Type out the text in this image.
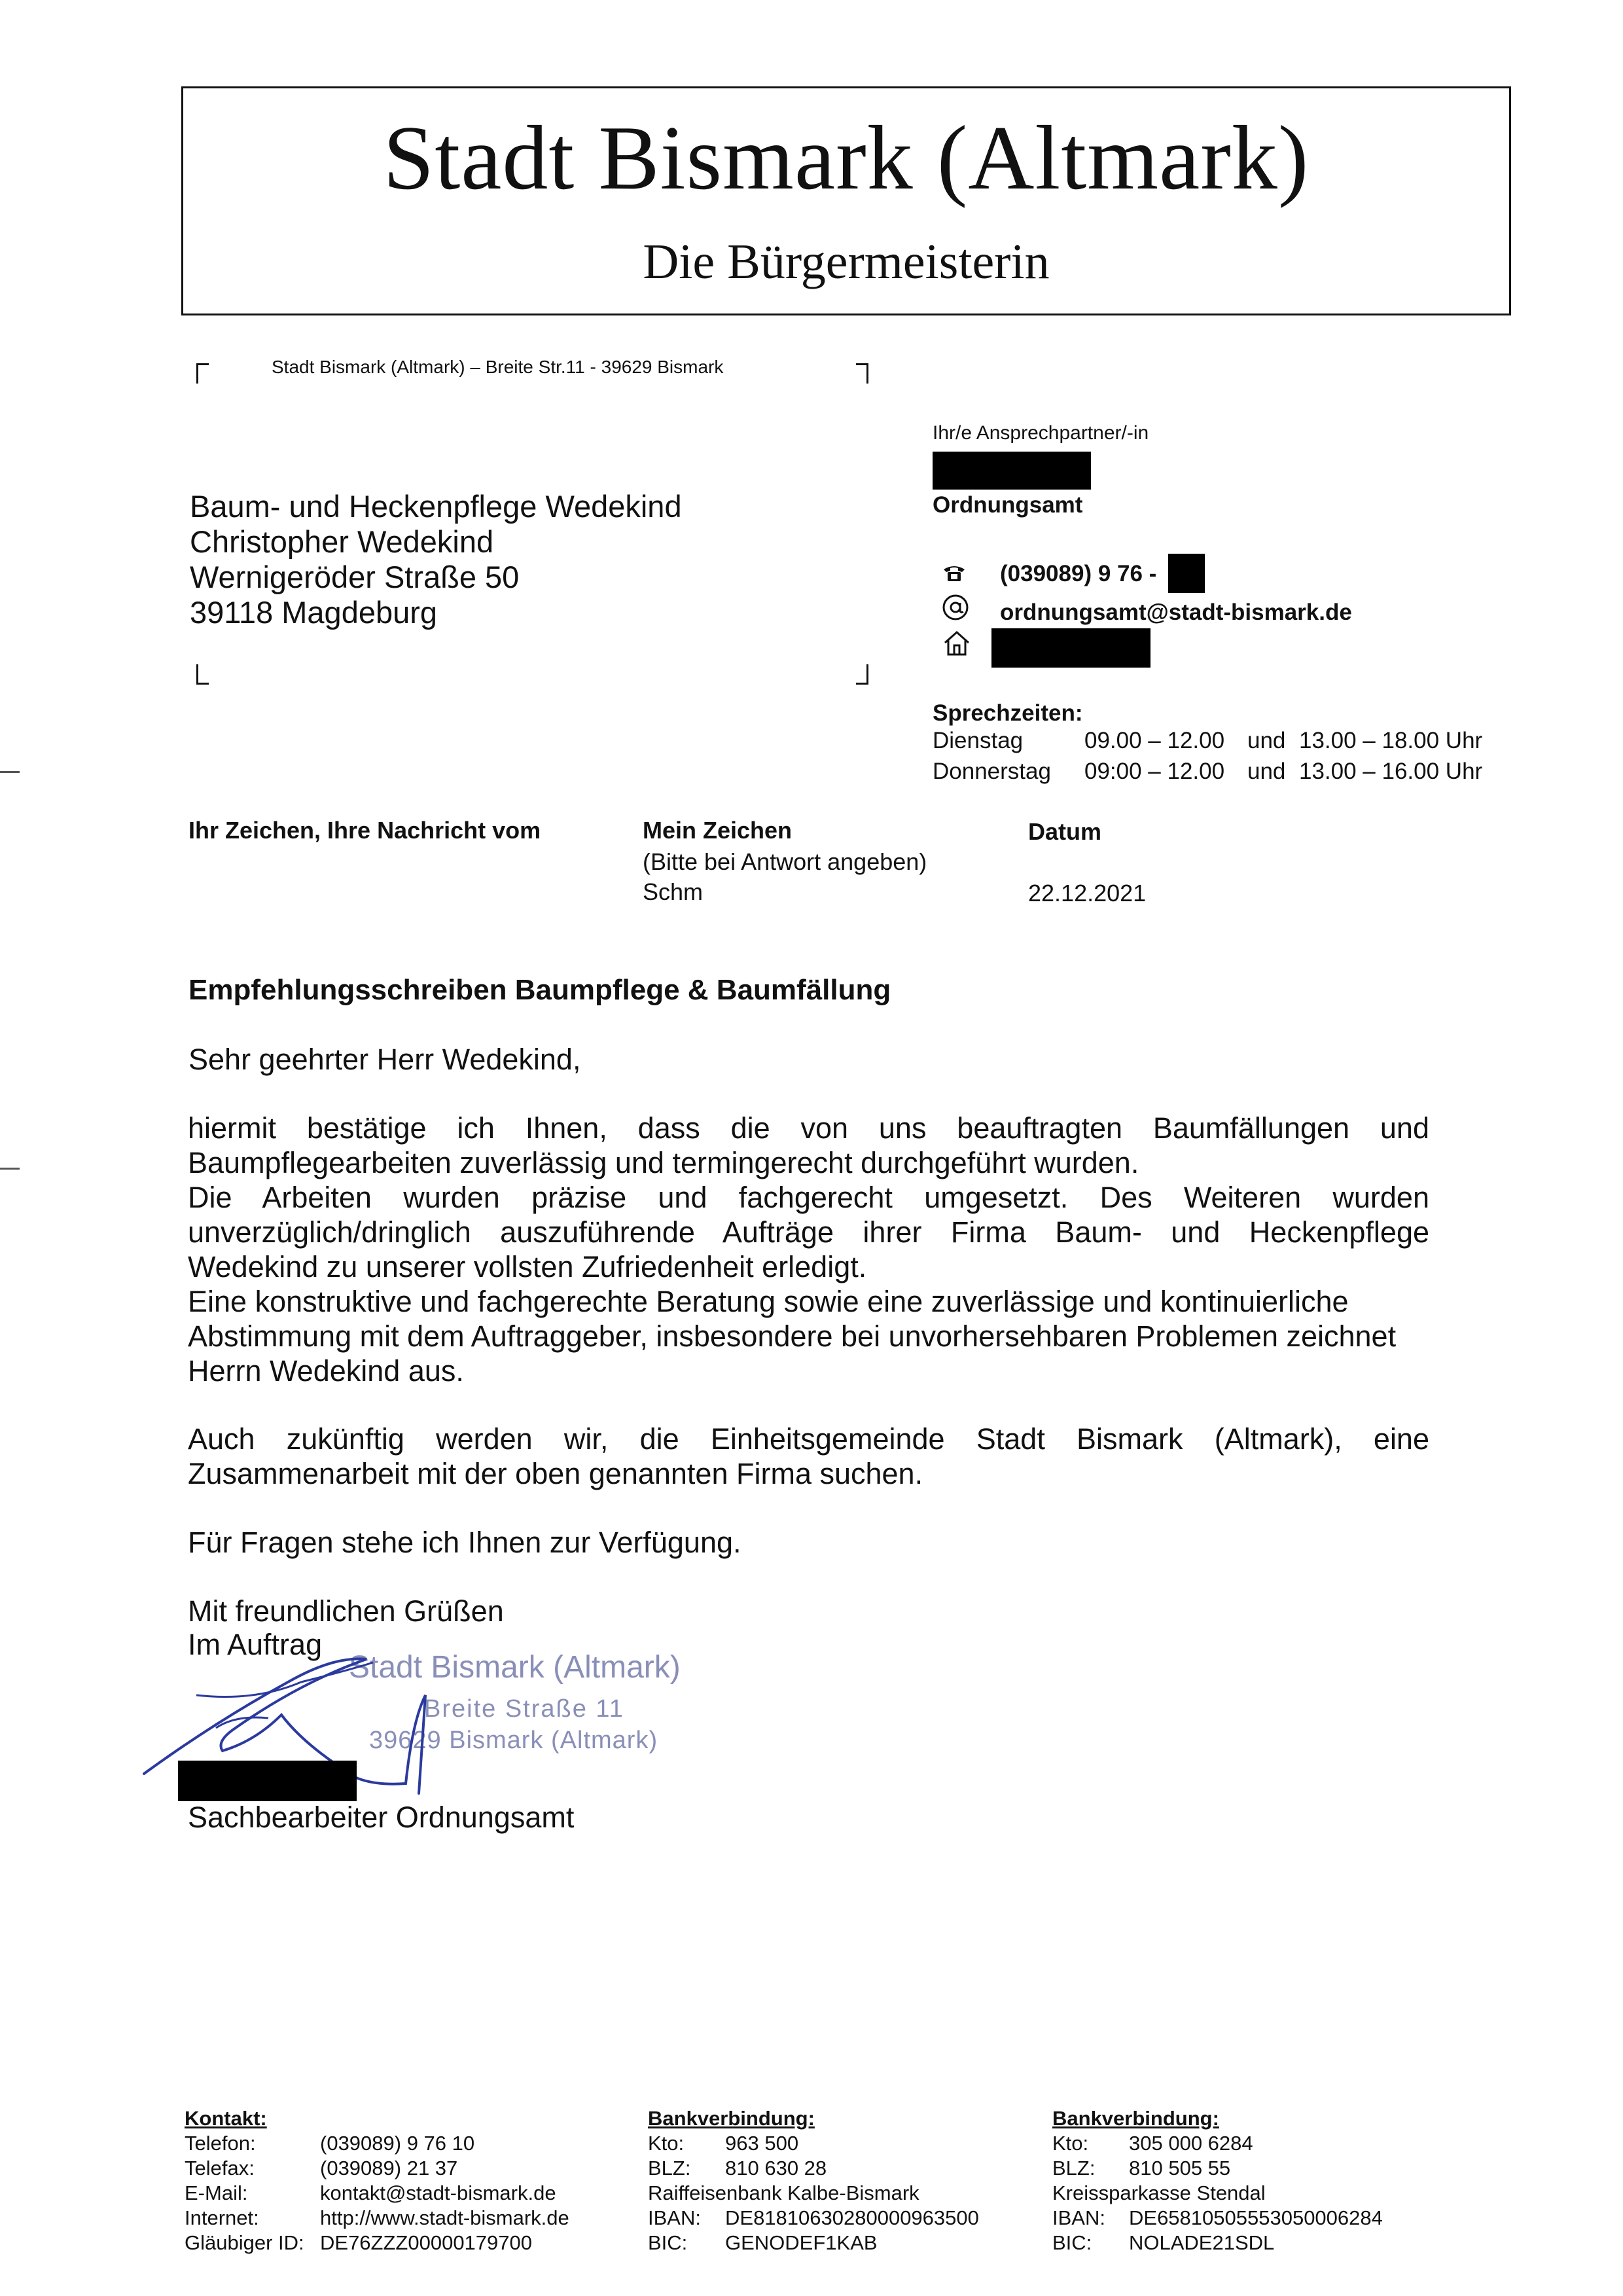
Stadt Bismark (Altmark)
Die Bürgermeisterin
Stadt Bismark (Altmark) – Breite Str.11 - 39629 Bismark
Baum- und Heckenpflege Wedekind
Christopher Wedekind
Wernigeröder Straße 50
39118 Magdeburg
Ihr/e Ansprechpartner/-in
Ordnungsamt
(039089) 9 76 -
ordnungsamt@stadt-bismark.de
Sprechzeiten:
Dienstag	09.00 – 12.00 und 13.00 – 18.00 Uhr
Donnerstag 09:00 – 12.00 und 13.00 – 16.00 Uhr
Ihr Zeichen, Ihre Nachricht vom	Mein Zeichen
(Bitte bei Antwort angeben)
Schm
Datum
22.12.2021
Empfehlungsschreiben Baumpflege & Baumfällung
Sehr geehrter Herr Wedekind,
hiermit bestätige ich Ihnen, dass die von uns beauftragten Baumfällungen und
Baumpflegearbeiten zuverlässig und termingerecht durchgeführt wurden.
Die Arbeiten wurden präzise und fachgerecht umgesetzt. Des Weiteren wurden
unverzüglich/dringlich auszuführende Aufträge ihrer Firma Baum- und Heckenpflege
Wedekind zu unserer vollsten Zufriedenheit erledigt.
Eine konstruktive und fachgerechte Beratung sowie eine zuverlässige und kontinuierliche
Abstimmung mit dem Auftraggeber, insbesondere bei unvorhersehbaren Problemen zeichnet
Herrn Wedekind aus.
Auch zukünftig werden wir, die Einheitsgemeinde Stadt Bismark (Altmark), eine
Zusammenarbeit mit der oben genannten Firma suchen.
Für Fragen stehe ich Ihnen zur Verfügung.
Mit freundlichen Grüßen
Im Auftrag
Stadt Bismark (Altmark)
Breite Straße 11
39629 Bismark (Altmark)
Sachbearbeiter Ordnungsamt
Kontakt:
Telefon:	(039089) 9 76 10
Telefax:	(039089) 21 37
E-Mail:	kontakt@stadt-bismark.de
Internet:	http://www.stadt-bismark.de
Gläubiger ID: DE76ZZZ00000179700
Bankverbindung:
Kto: 963 500
BLZ: 810 630 28
Raiffeisenbank Kalbe-Bismark
IBAN: DE81810630280000963500
BIC: GENODEF1KAB
Bankverbindung:
Kto: 305 000 6284
BLZ: 810 505 55
Kreissparkasse Stendal
IBAN: DE65810505553050006284
BIC: NOLADE21SDL
